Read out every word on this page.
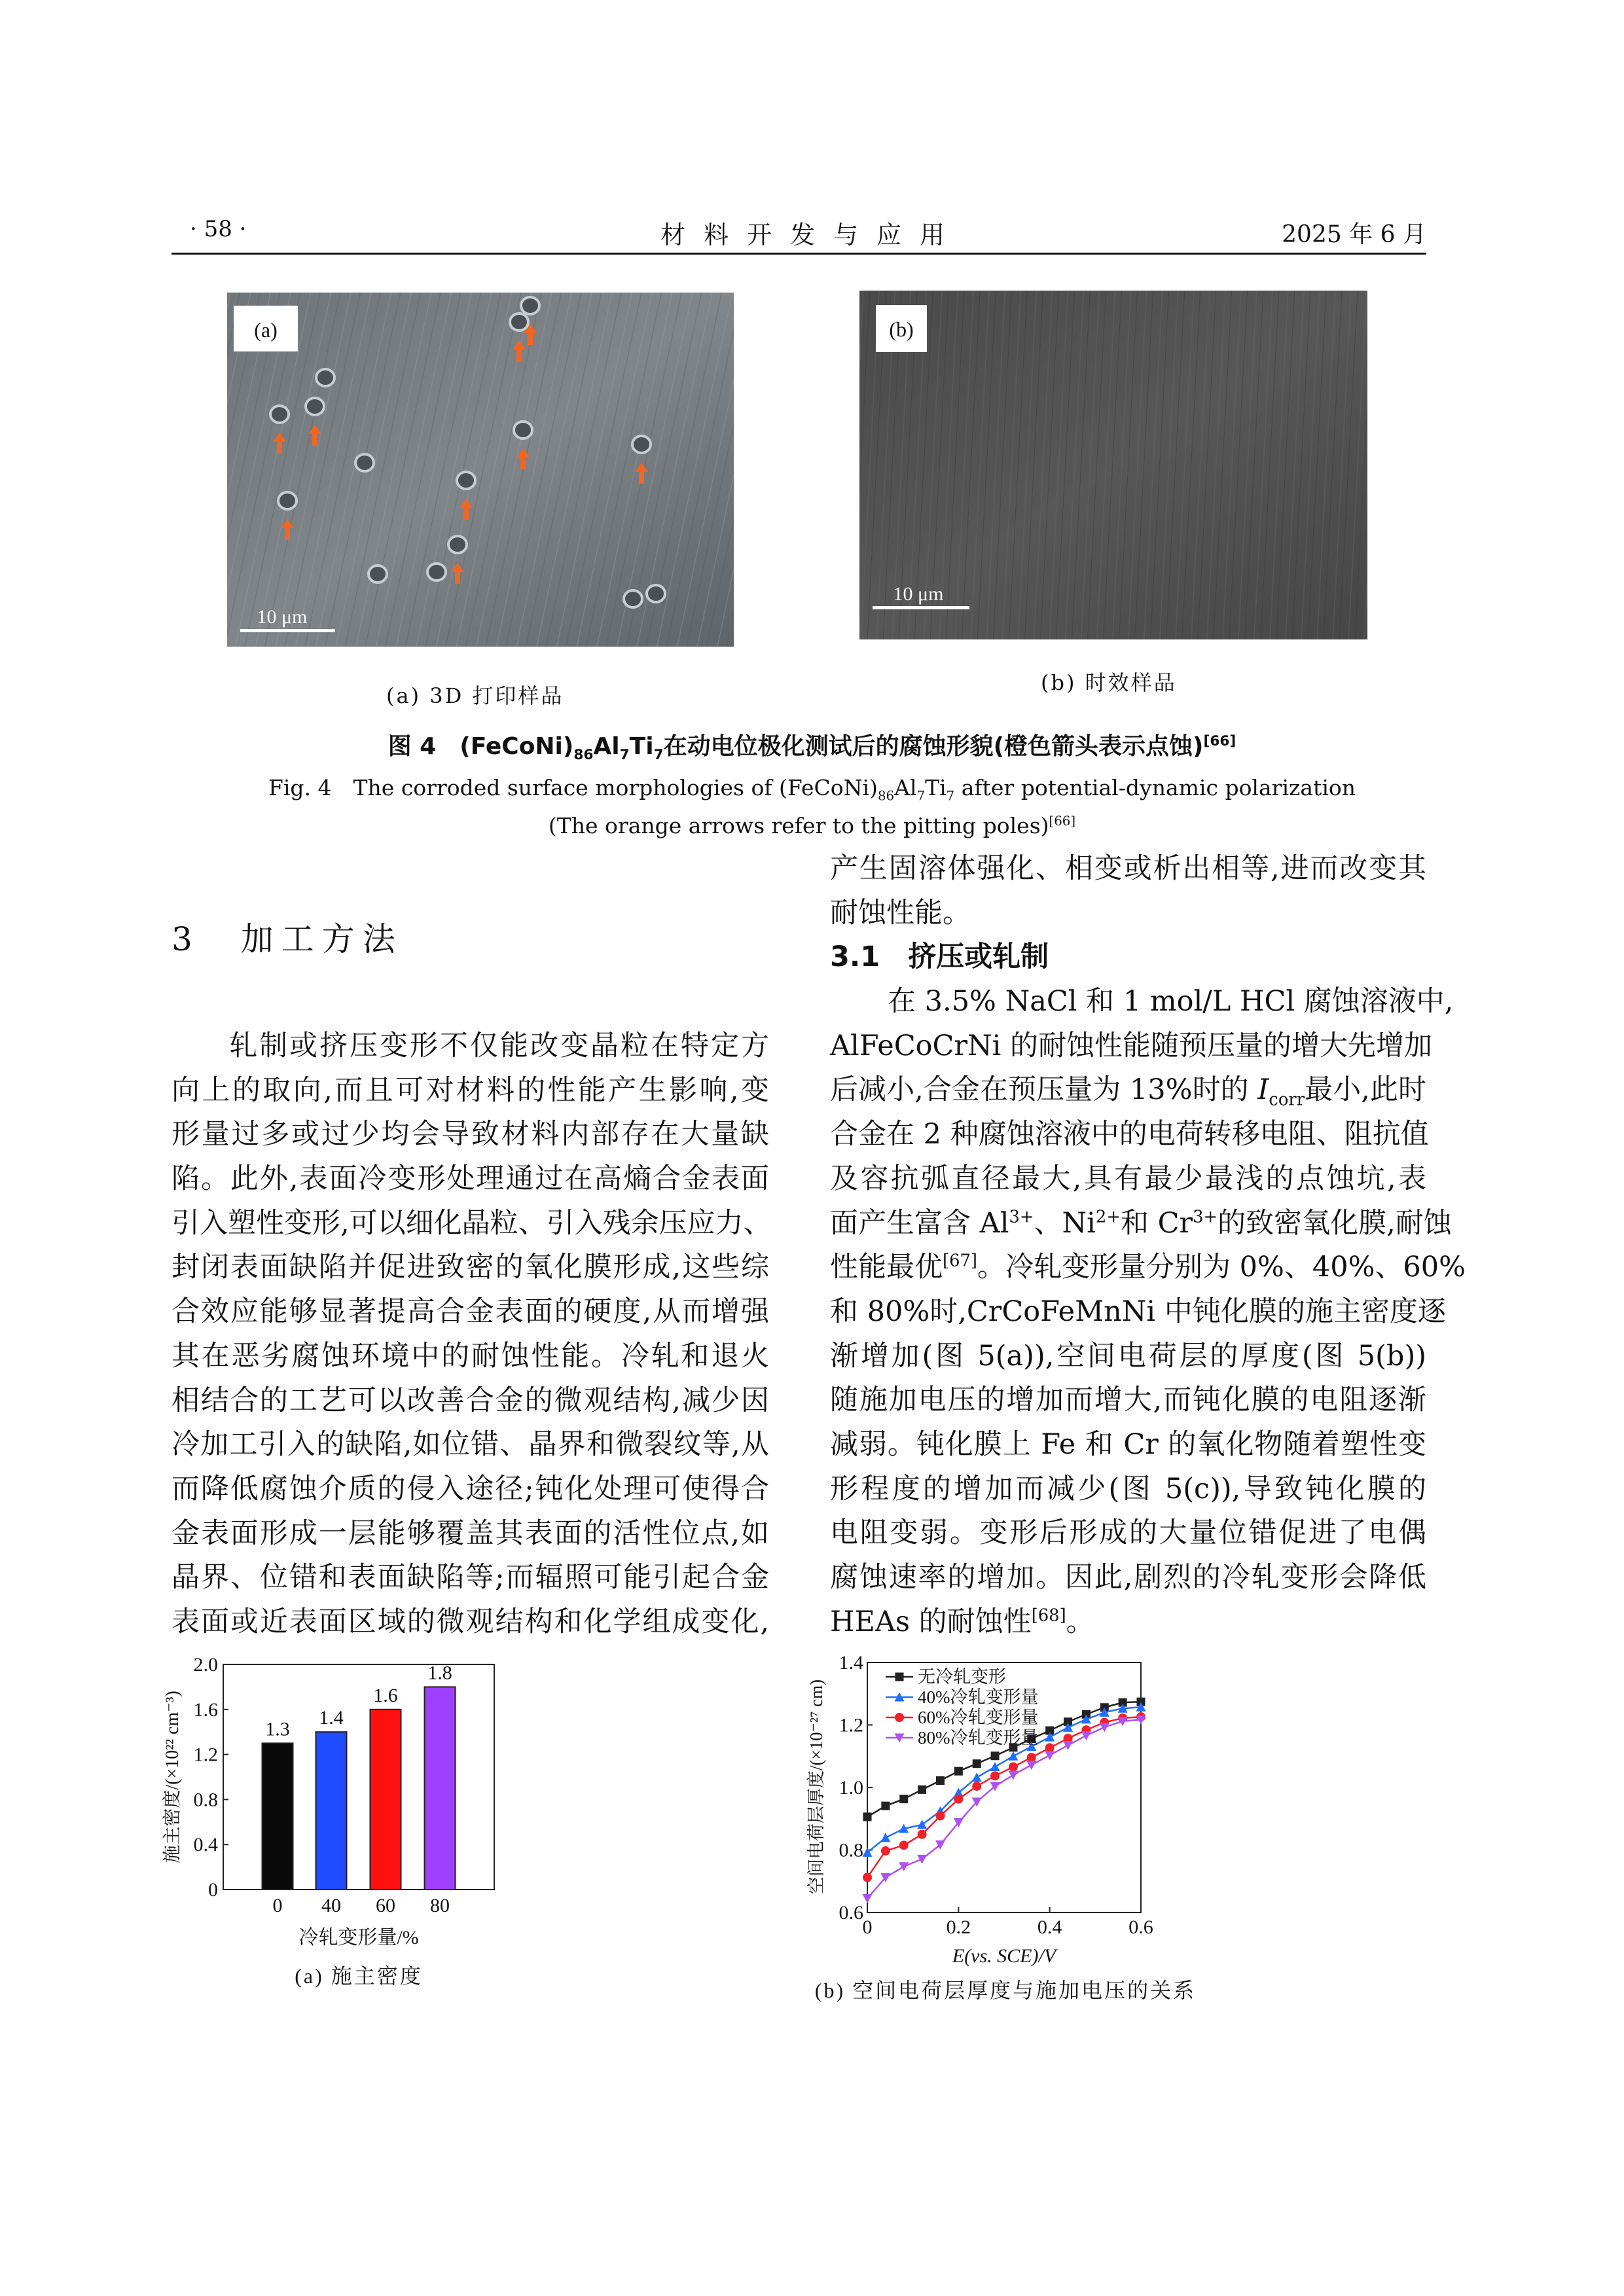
· 58 ·	材料开发与应用	2025 年 6 月
(a)
10 μm
(b)
10 μm
(a) 3D 打印样品
(b) 时效样品
图 4　$(FeCoNi)_{86}Al_7Ti_7$在动电位极化测试后的腐蚀形貌(橙色箭头表示点蚀)[66]
Fig. 4　The corroded surface morphologies of $(FeCoNi)_{86}Al_7Ti_7$ after potential-dynamic polarization
(The orange arrows refer to the pitting poles)[66]
3　加工方法
轧制或挤压变形不仅能改变晶粒在特定方
向上的取向,而且可对材料的性能产生影响,变
形量过多或过少均会导致材料内部存在大量缺
陷。此外,表面冷变形处理通过在高熵合金表面
引入塑性变形,可以细化晶粒、引入残余压应力、
封闭表面缺陷并促进致密的氧化膜形成,这些综
合效应能够显著提高合金表面的硬度,从而增强
其在恶劣腐蚀环境中的耐蚀性能。冷轧和退火
相结合的工艺可以改善合金的微观结构,减少因
冷加工引入的缺陷,如位错、晶界和微裂纹等,从
而降低腐蚀介质的侵入途径;钝化处理可使得合
金表面形成一层能够覆盖其表面的活性位点,如
晶界、位错和表面缺陷等;而辐照可能引起合金
表面或近表面区域的微观结构和化学组成变化,
产生固溶体强化、相变或析出相等,进而改变其
耐蚀性能。
3.1　挤压或轧制
在 3.5% NaCl 和 1 mol/L HCl 腐蚀溶液中,
AlFeCoCrNi 的耐蚀性能随预压量的增大先增加
后减小,合金在预压量为 13%时的 $I_{corr}$最小,此时
合金在 2 种腐蚀溶液中的电荷转移电阻、阻抗值
及容抗弧直径最大,具有最少最浅的点蚀坑,表
面产生富含 $Al^{3+}$、$Ni^{2+}$和 $Cr^{3+}$的致密氧化膜,耐蚀
性能最优[67]。冷轧变形量分别为 0%、40%、60%
和 80%时,CrCoFeMnNi 中钝化膜的施主密度逐
渐增加(图 5(a)),空间电荷层的厚度(图 5(b))
随施加电压的增加而增大,而钝化膜的电阻逐渐
减弱。钝化膜上 Fe 和 Cr 的氧化物随着塑性变
形程度的增加而减少(图 5(c)),导致钝化膜的
电阻变弱。变形后形成的大量位错促进了电偶
腐蚀速率的增加。因此,剧烈的冷轧变形会降低
HEAs 的耐蚀性[68]。
1.3
0
1.4
40
1.6
60
1.8
80
0
0.4
0.8
1.2
1.6
2.0
冷轧变形量/%
施主密度/(×10²² cm⁻³)
(a) 施主密度
0	0.2	0.4	0.6
0.6
0.8
1.0
1.2
1.4
无冷轧变形
40%冷轧变形量
60%冷轧变形量
80%冷轧变形量
E(vs. SCE)/V
空间电荷层厚度/(×10⁻²⁷ cm)
(b) 空间电荷层厚度与施加电压的关系
